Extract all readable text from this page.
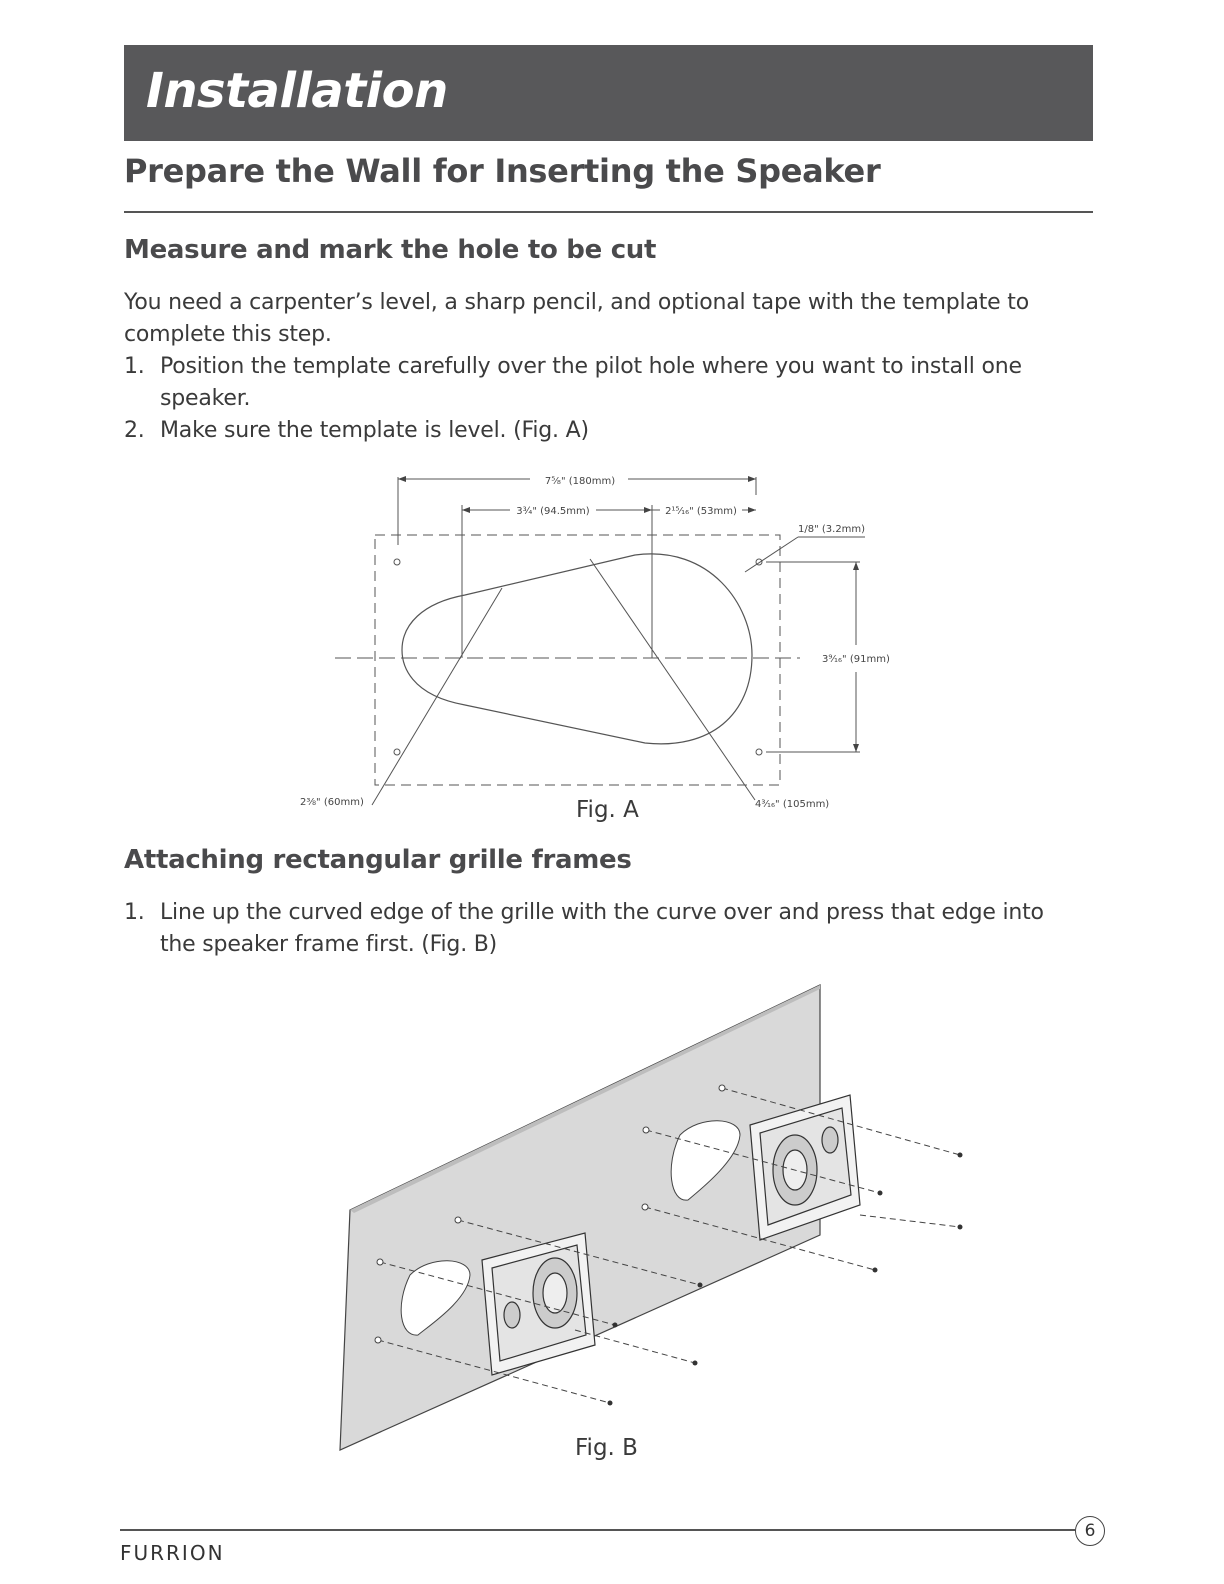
Installation
Prepare the Wall for Inserting the Speaker
Measure and mark the hole to be cut
You need a carpenter’s level, a sharp pencil, and optional tape with the template to
complete this step.
1. Position the template carefully over the pilot hole where you want to install one
speaker.
2. Make sure the template is level. (Fig. A)
7⁵⁄₈" (180mm)
3¾" (94.5mm)	2¹⁵⁄₁₆" (53mm)
1/8" (3.2mm)
3⁹⁄₁₆" (91mm)
2⅜" (60mm)	4³⁄₁₆" (105mm)
Fig. A
Attaching rectangular grille frames
1. Line up the curved edge of the grille with the curve over and press that edge into
the speaker frame first. (Fig. B)
Fig. B
FURRION
6
